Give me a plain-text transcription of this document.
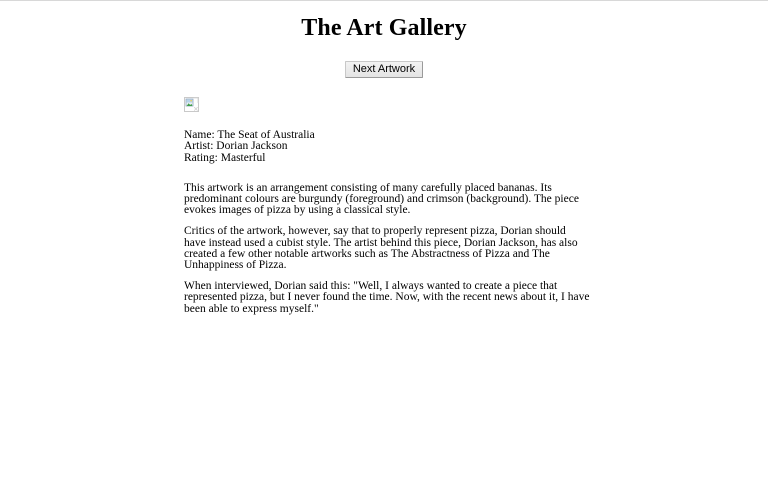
The Art Gallery
Next Artwork

Name: The Seat of Australia

Artist: Dorian Jackson

Rating: Masterful

This artwork is an arrangement consisting of many carefully placed bananas. Its predominant colours are burgundy (foreground) and crimson (background). The piece evokes images of pizza by using a classical style.

Critics of the artwork, however, say that to properly represent pizza, Dorian should have instead used a cubist style. The artist behind this piece, Dorian Jackson, has also created a few other notable artworks such as The Abstractness of Pizza and The Unhappiness of Pizza.

When interviewed, Dorian said this: "Well, I always wanted to create a piece that represented pizza, but I never found the time. Now, with the recent news about it, I have been able to express myself."
